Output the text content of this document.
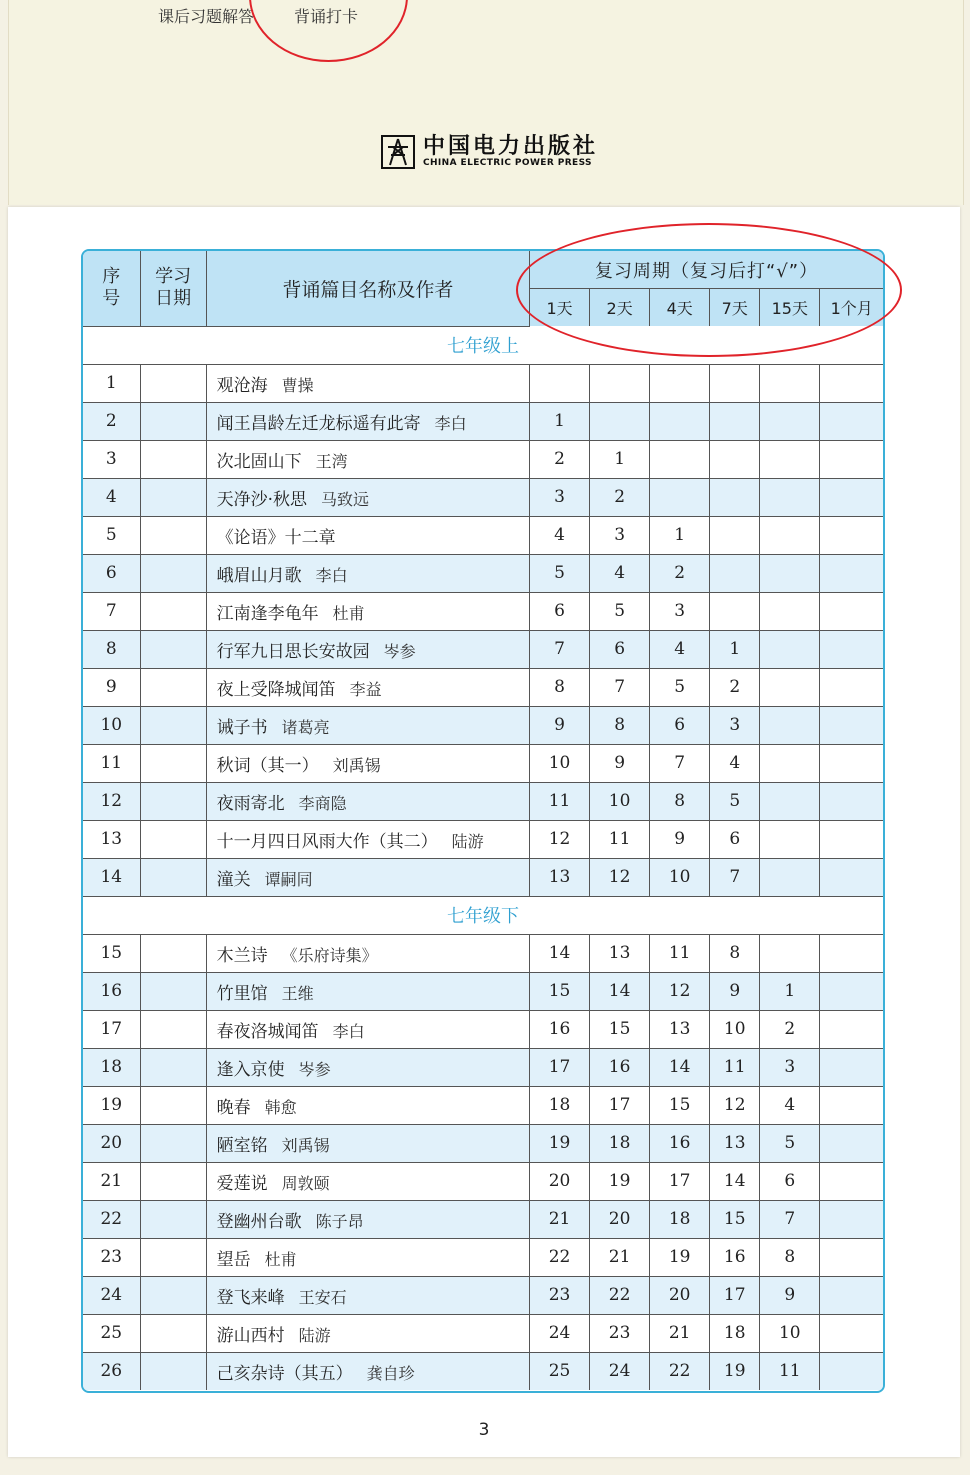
课后习题解答 背诵打卡
中国电力出版社
CHINA ELECTRIC POWER PRESS
序号	学习日期	背诵篇目名称及作者	复习周期（复习后打“√”）					
			1天	2天	4天	7天	15天	1个月
七年级上								
1		观沧海 曹操						
2		闻王昌龄左迁龙标遥有此寄 李白	1					
3		次北固山下 王湾	2	1				
4		天净沙·秋思 马致远	3	2				
5		《论语》十二章	4	3	1			
6		峨眉山月歌 李白	5	4	2			
7		江南逢李龟年 杜甫	6	5	3			
8		行军九日思长安故园 岑参	7	6	4	1		
9		夜上受降城闻笛 李益	8	7	5	2		
10		诫子书 诸葛亮	9	8	6	3		
11		秋词（其一） 刘禹锡	10	9	7	4		
12		夜雨寄北 李商隐	11	10	8	5		
13		十一月四日风雨大作（其二） 陆游	12	11	9	6		
14		潼关 谭嗣同	13	12	10	7		
七年级下								
15		木兰诗 《乐府诗集》	14	13	11	8		
16		竹里馆 王维	15	14	12	9	1	
17		春夜洛城闻笛 李白	16	15	13	10	2	
18		逢入京使 岑参	17	16	14	11	3	
19		晚春 韩愈	18	17	15	12	4	
20		陋室铭 刘禹锡	19	18	16	13	5	
21		爱莲说 周敦颐	20	19	17	14	6	
22		登幽州台歌 陈子昂	21	20	18	15	7	
23		望岳 杜甫	22	21	19	16	8	
24		登飞来峰 王安石	23	22	20	17	9	
25		游山西村 陆游	24	23	21	18	10	
26		己亥杂诗（其五） 龚自珍	25	24	22	19	11	
3
